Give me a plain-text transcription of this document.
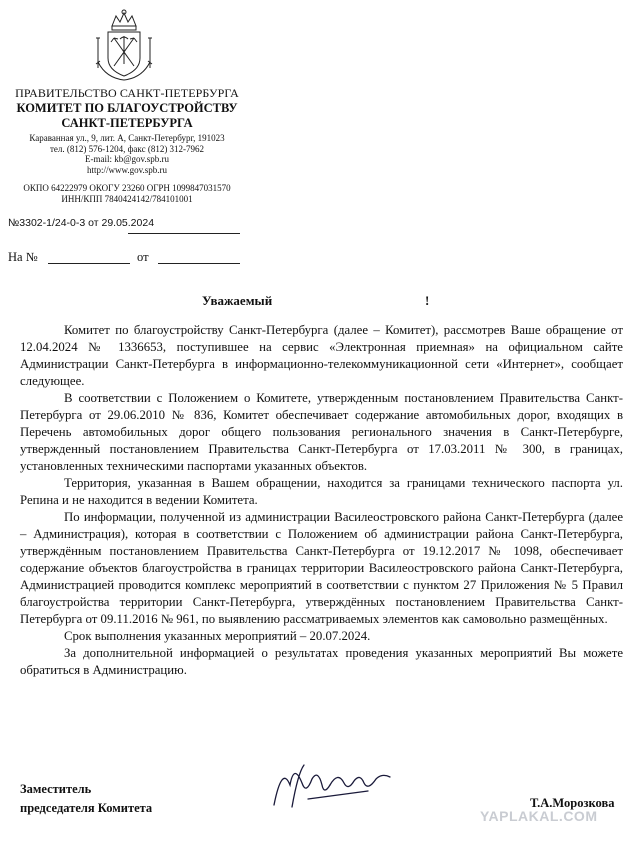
ПРАВИТЕЛЬСТВО САНКТ-ПЕТЕРБУРГА
КОМИТЕТ ПО БЛАГОУСТРОЙСТВУ
САНКТ-ПЕТЕРБУРГА
Караванная ул., 9, лит. А, Санкт-Петербург, 191023
тел. (812) 576-1204, факс (812) 312-7962
E-mail: kb@gov.spb.ru
http://www.gov.spb.ru
ОКПО 64222979 ОКОГУ 23260 ОГРН 1099847031570
ИНН/КПП 7840424142/784101001
№3302-1/24-0-3 от 29.05.2024
На №	от
Уважаемый	!

Комитет по благоустройству Санкт-Петербурга (далее – Комитет), рассмотрев Ваше обращение от 12.04.2024 № 1336653, поступившее на сервис «Электронная приемная» на официальном сайте Администрации Санкт-Петербурга в информационно-телекоммуникационной сети «Интернет», сообщает следующее.

В соответствии с Положением о Комитете, утвержденным постановлением Правительства Санкт-Петербурга от 29.06.2010 № 836, Комитет обеспечивает содержание автомобильных дорог, входящих в Перечень автомобильных дорог общего пользования регионального значения в Санкт-Петербурге, утвержденный постановлением Правительства Санкт-Петербурга от 17.03.2011 № 300, в границах, установленных техническими паспортами указанных объектов.

Территория, указанная в Вашем обращении, находится за границами технического паспорта ул. Репина и не находится в ведении Комитета.

По информации, полученной из администрации Василеостровского района Санкт-Петербурга (далее – Администрация), которая в соответствии с Положением об администрации района Санкт-Петербурга, утверждённым постановлением Правительства Санкт-Петербурга от 19.12.2017 № 1098, обеспечивает содержание объектов благоустройства в границах территории Василеостровского района Санкт-Петербурга, Администрацией проводится комплекс мероприятий в соответствии с пунктом 27 Приложения № 5 Правил благоустройства территории Санкт-Петербурга, утверждённых постановлением Правительства Санкт-Петербурга от 09.11.2016 № 961, по выявлению рассматриваемых элементов как самовольно размещённых.

Срок выполнения указанных мероприятий – 20.07.2024.

За дополнительной информацией о результатах проведения указанных мероприятий Вы можете обратиться в Администрацию.

Заместитель
председателя Комитета	Т.А.Морозкова
YAPLAKAL.COM
